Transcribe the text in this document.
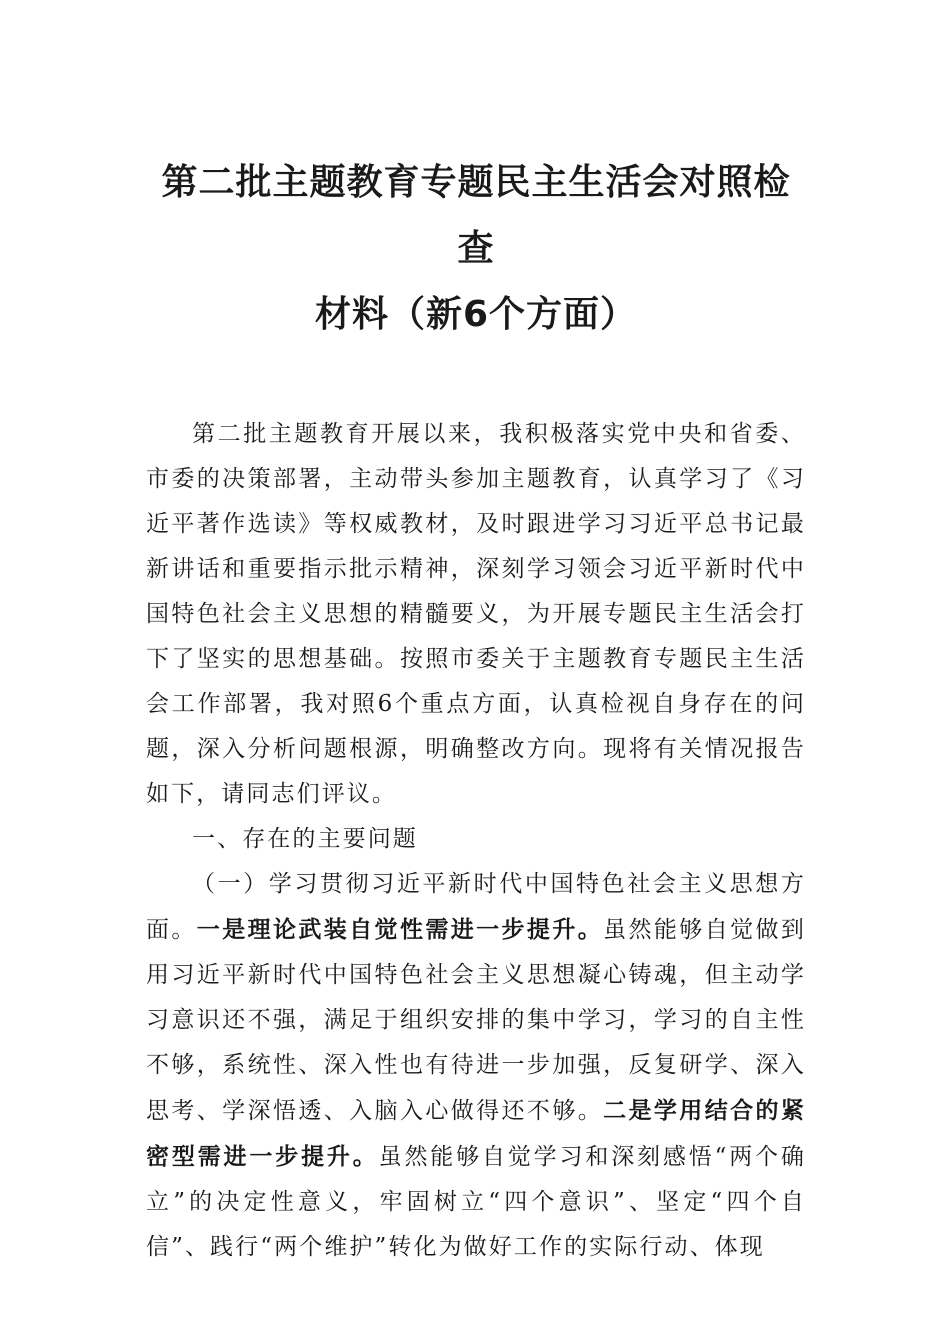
第二批主题教育专题民主生活会对照检查
材料（新6个方面）

第二批主题教育开展以来，我积极落实党中央和省委、市委的决策部署，主动带头参加主题教育，认真学习了《习近平著作选读》等权威教材，及时跟进学习习近平总书记最新讲话和重要指示批示精神，深刻学习领会习近平新时代中国特色社会主义思想的精髓要义，为开展专题民主生活会打下了坚实的思想基础。按照市委关于主题教育专题民主生活会工作部署，我对照6个重点方面，认真检视自身存在的问题，深入分析问题根源，明确整改方向。现将有关情况报告如下，请同志们评议。

一、存在的主要问题

（一）学习贯彻习近平新时代中国特色社会主义思想方面。一是理论武装自觉性需进一步提升。虽然能够自觉做到用习近平新时代中国特色社会主义思想凝心铸魂，但主动学习意识还不强，满足于组织安排的集中学习，学习的自主性不够，系统性、深入性也有待进一步加强，反复研学、深入思考、学深悟透、入脑入心做得还不够。二是学用结合的紧密型需进一步提升。虽然能够自觉学习和深刻感悟“两个确立”的决定性意义，牢固树立“四个意识”、坚定“四个自信”、践行“两个维护”转化为做好工作的实际行动、体现
